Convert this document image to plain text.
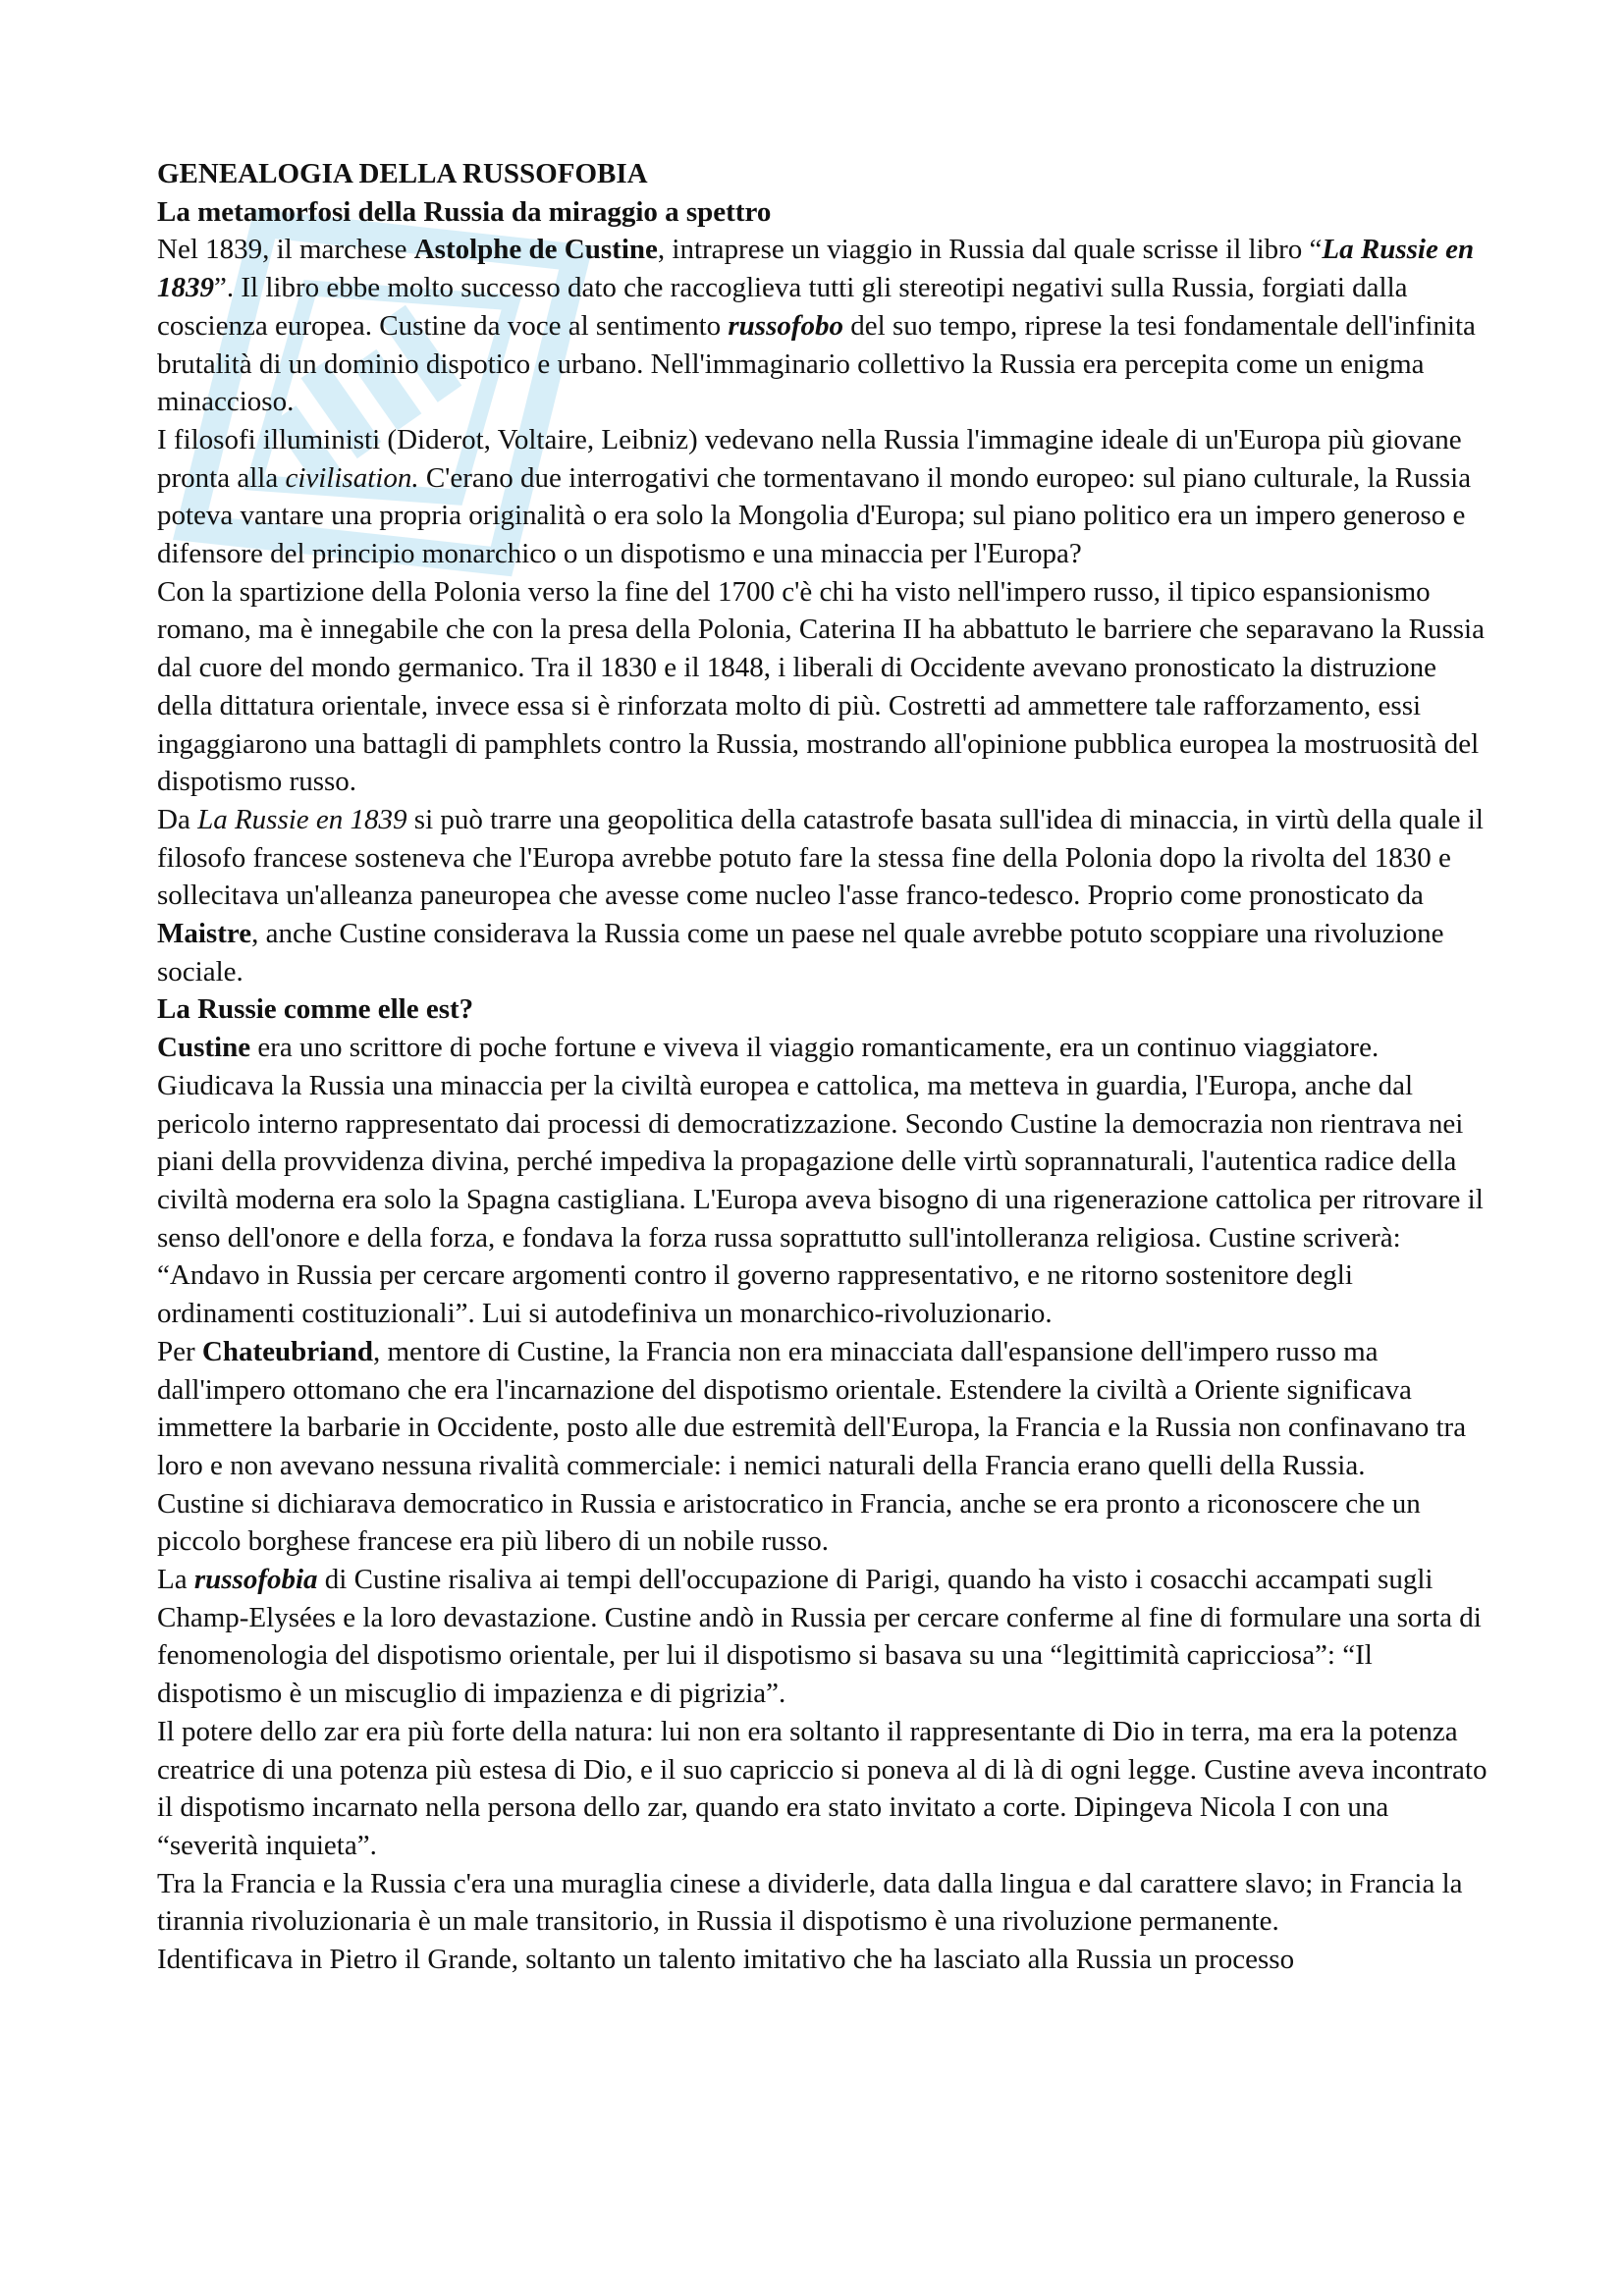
GENEALOGIA DELLA RUSSOFOBIA

La metamorfosi della Russia da miraggio a spettro

Nel 1839, il marchese Astolphe de Custine, intraprese un viaggio in Russia dal quale scrisse il libro “La Russie en 1839”. Il libro ebbe molto successo dato che raccoglieva tutti gli stereotipi negativi sulla Russia, forgiati dalla coscienza europea. Custine da voce al sentimento russofobo del suo tempo, riprese la tesi fondamentale dell'infinita brutalità di un dominio dispotico e urbano. Nell'immaginario collettivo la Russia era percepita come un enigma minaccioso.

I filosofi illuministi (Diderot, Voltaire, Leibniz) vedevano nella Russia l'immagine ideale di un'Europa più giovane pronta alla civilisation. C'erano due interrogativi che tormentavano il mondo europeo: sul piano culturale, la Russia poteva vantare una propria originalità o era solo la Mongolia d'Europa; sul piano politico era un impero generoso e difensore del principio monarchico o un dispotismo e una minaccia per l'Europa?

Con la spartizione della Polonia verso la fine del 1700 c'è chi ha visto nell'impero russo, il tipico espansionismo romano, ma è innegabile che con la presa della Polonia, Caterina II ha abbattuto le barriere che separavano la Russia dal cuore del mondo germanico. Tra il 1830 e il 1848, i liberali di Occidente avevano pronosticato la distruzione della dittatura orientale, invece essa si è rinforzata molto di più. Costretti ad ammettere tale rafforzamento, essi ingaggiarono una battagli di pamphlets contro la Russia, mostrando all'opinione pubblica europea la mostruosità del dispotismo russo.

Da La Russie en 1839 si può trarre una geopolitica della catastrofe basata sull'idea di minaccia, in virtù della quale il filosofo francese sosteneva che l'Europa avrebbe potuto fare la stessa fine della Polonia dopo la rivolta del 1830 e sollecitava un'alleanza paneuropea che avesse come nucleo l'asse franco-tedesco. Proprio come pronosticato da Maistre, anche Custine considerava la Russia come un paese nel quale avrebbe potuto scoppiare una rivoluzione sociale.

La Russie comme elle est?

Custine era uno scrittore di poche fortune e viveva il viaggio romanticamente, era un continuo viaggiatore. Giudicava la Russia una minaccia per la civiltà europea e cattolica, ma metteva in guardia, l'Europa, anche dal pericolo interno rappresentato dai processi di democratizzazione. Secondo Custine la democrazia non rientrava nei piani della provvidenza divina, perché impediva la propagazione delle virtù soprannaturali, l'autentica radice della civiltà moderna era solo la Spagna castigliana. L'Europa aveva bisogno di una rigenerazione cattolica per ritrovare il senso dell'onore e della forza, e fondava la forza russa soprattutto sull'intolleranza religiosa. Custine scriverà: “Andavo in Russia per cercare argomenti contro il governo rappresentativo, e ne ritorno sostenitore degli ordinamenti costituzionali”. Lui si autodefiniva un monarchico-rivoluzionario.

Per Chateubriand, mentore di Custine, la Francia non era minacciata dall'espansione dell'impero russo ma dall'impero ottomano che era l'incarnazione del dispotismo orientale. Estendere la civiltà a Oriente significava immettere la barbarie in Occidente, posto alle due estremità dell'Europa, la Francia e la Russia non confinavano tra loro e non avevano nessuna rivalità commerciale: i nemici naturali della Francia erano quelli della Russia.

Custine si dichiarava democratico in Russia e aristocratico in Francia, anche se era pronto a riconoscere che un piccolo borghese francese era più libero di un nobile russo.

La russofobia di Custine risaliva ai tempi dell'occupazione di Parigi, quando ha visto i cosacchi accampati sugli Champ-Elysées e la loro devastazione. Custine andò in Russia per cercare conferme al fine di formulare una sorta di fenomenologia del dispotismo orientale, per lui il dispotismo si basava su una “legittimità capricciosa”: “Il dispotismo è un miscuglio di impazienza e di pigrizia”.

Il potere dello zar era più forte della natura: lui non era soltanto il rappresentante di Dio in terra, ma era la potenza creatrice di una potenza più estesa di Dio, e il suo capriccio si poneva al di là di ogni legge. Custine aveva incontrato il dispotismo incarnato nella persona dello zar, quando era stato invitato a corte. Dipingeva Nicola I con una “severità inquieta”.

Tra la Francia e la Russia c'era una muraglia cinese a dividerle, data dalla lingua e dal carattere slavo; in Francia la tirannia rivoluzionaria è un male transitorio, in Russia il dispotismo è una rivoluzione permanente.

Identificava in Pietro il Grande, soltanto un talento imitativo che ha lasciato alla Russia un processo
